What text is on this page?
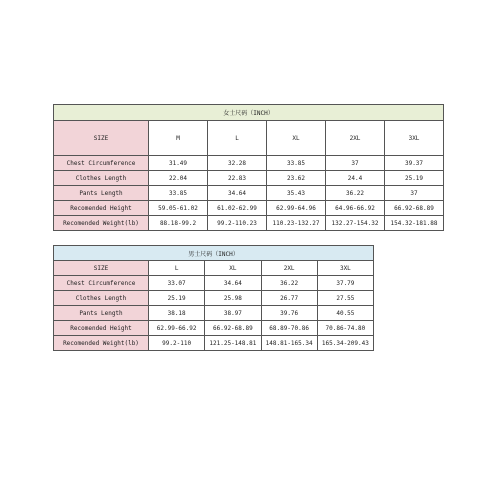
女士尺码（INCH）					
SIZE	M	L	XL	2XL	3XL
Chest Circumference	31.49	32.28	33.85	37	39.37
Clothes Length	22.04	22.83	23.62	24.4	25.19
Pants Length	33.85	34.64	35.43	36.22	37
Recomended Height	59.05-61.02	61.02-62.99	62.99-64.96	64.96-66.92	66.92-68.89
Recomended Weight(lb)	88.18-99.2	99.2-110.23	110.23-132.27	132.27-154.32	154.32-181.88
男士尺码（INCH）				
SIZE	L	XL	2XL	3XL
Chest Circumference	33.07	34.64	36.22	37.79
Clothes Length	25.19	25.98	26.77	27.55
Pants Length	38.18	38.97	39.76	40.55
Recomended Height	62.99-66.92	66.92-68.89	68.89-70.86	70.86-74.80
Recomended Weight(lb)	99.2-110	121.25-148.81	148.81-165.34	165.34-209.43
